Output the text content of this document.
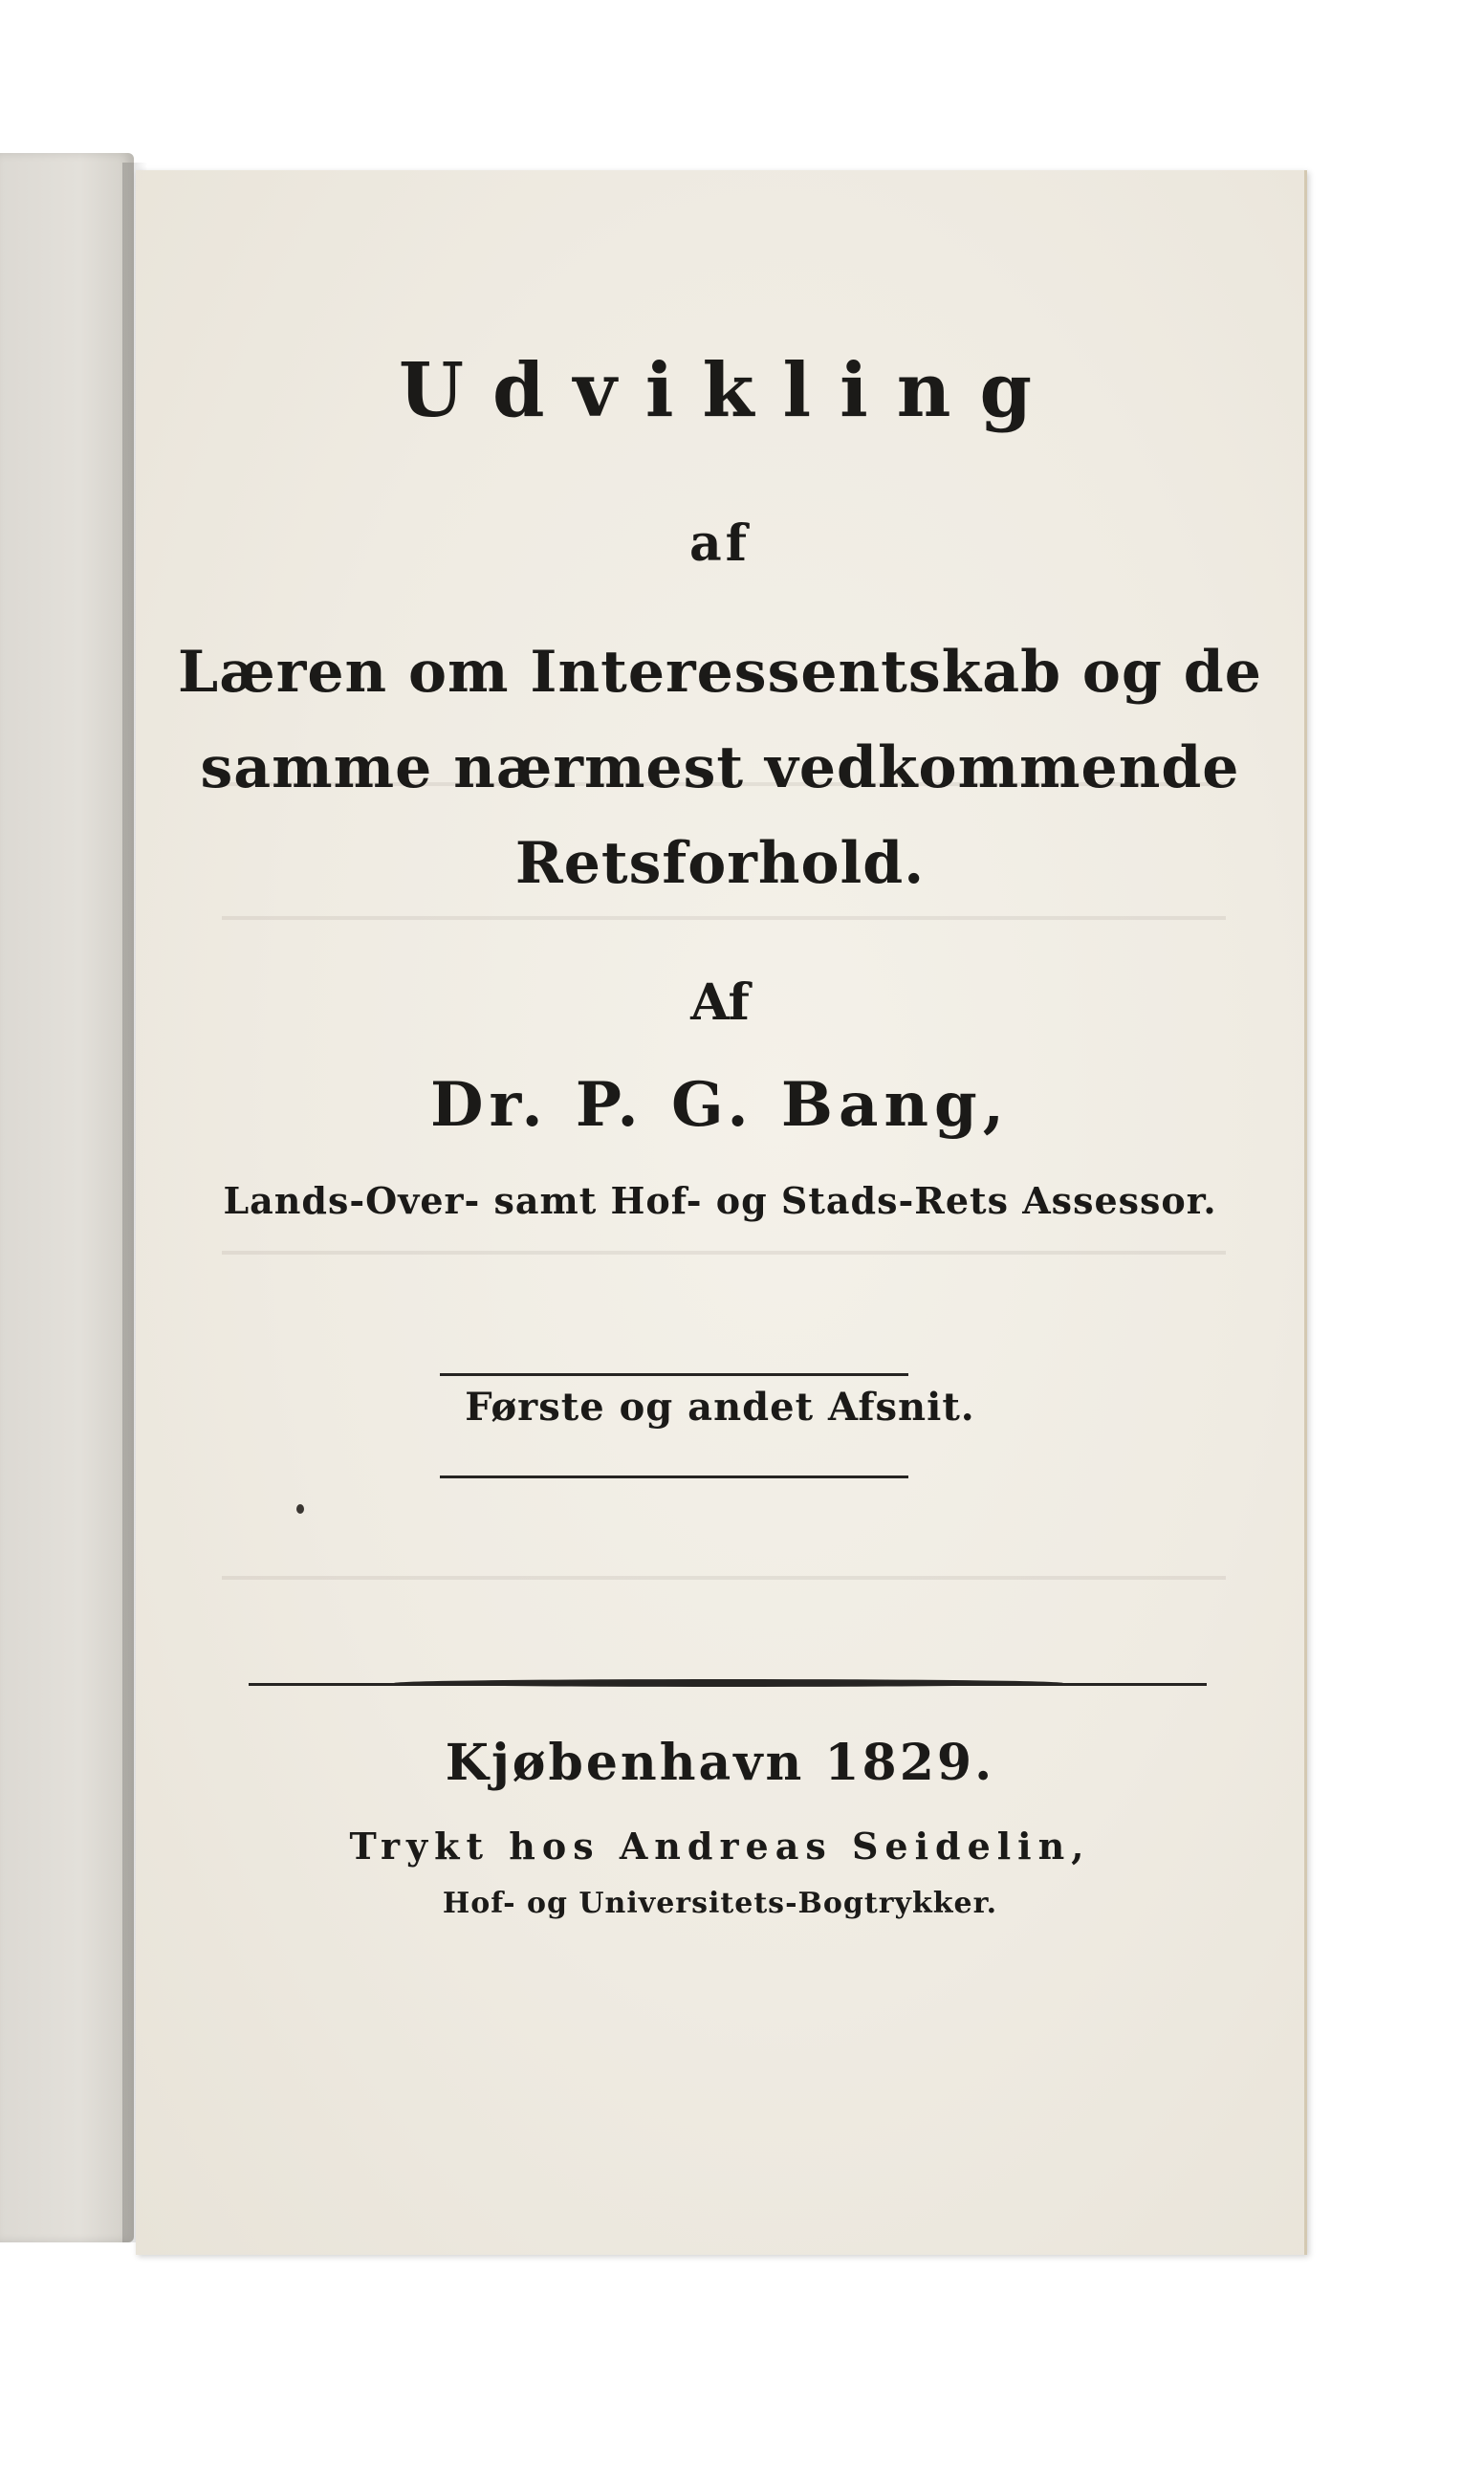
Udvikling
af
Læren om Interessentskab og de
samme nærmest vedkommende
Retsforhold.
Af
Dr. P. G. Bang,
Lands-Over- samt Hof- og Stads-Rets Assessor.
Første og andet Afsnit.
Kjøbenhavn 1829.
Trykt hos Andreas Seidelin,
Hof- og Universitets-Bogtrykker.
